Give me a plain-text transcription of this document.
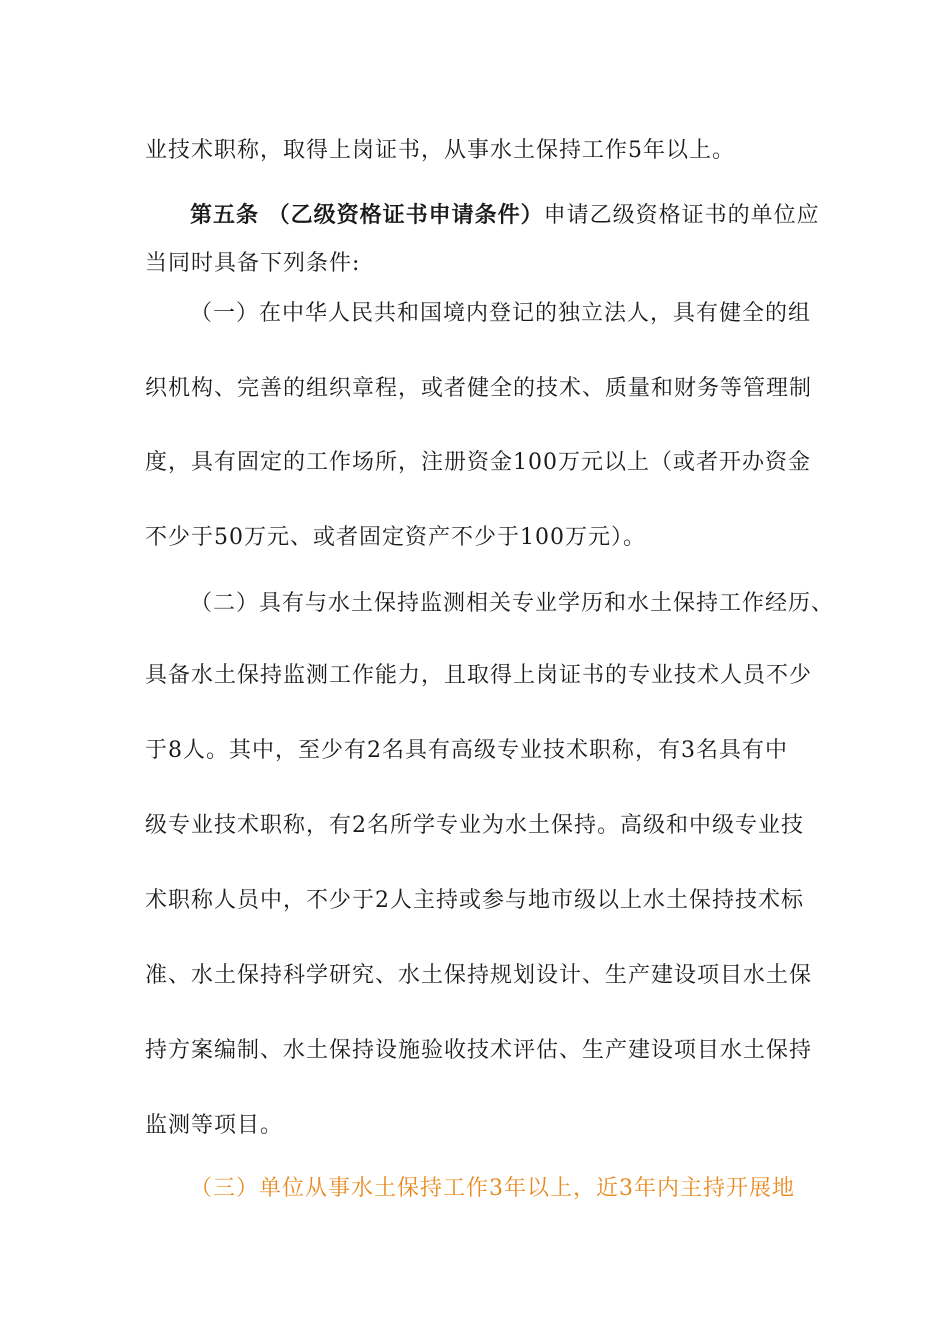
业技术职称，取得上岗证书，从事水土保持工作5年以上。
第五条 （乙级资格证书申请条件）申请乙级资格证书的单位应
当同时具备下列条件:
（一）在中华人民共和国境内登记的独立法人，具有健全的组
织机构、完善的组织章程，或者健全的技术、质量和财务等管理制
度，具有固定的工作场所，注册资金100万元以上（或者开办资金
不少于50万元、或者固定资产不少于100万元）。
（二）具有与水土保持监测相关专业学历和水土保持工作经历、
具备水土保持监测工作能力，且取得上岗证书的专业技术人员不少
于8人。其中，至少有2名具有高级专业技术职称，有3名具有中
级专业技术职称，有2名所学专业为水土保持。高级和中级专业技
术职称人员中，不少于2人主持或参与地市级以上水土保持技术标
准、水土保持科学研究、水土保持规划设计、生产建设项目水土保
持方案编制、水土保持设施验收技术评估、生产建设项目水土保持
监测等项目。
（三）单位从事水土保持工作3年以上，近3年内主持开展地
